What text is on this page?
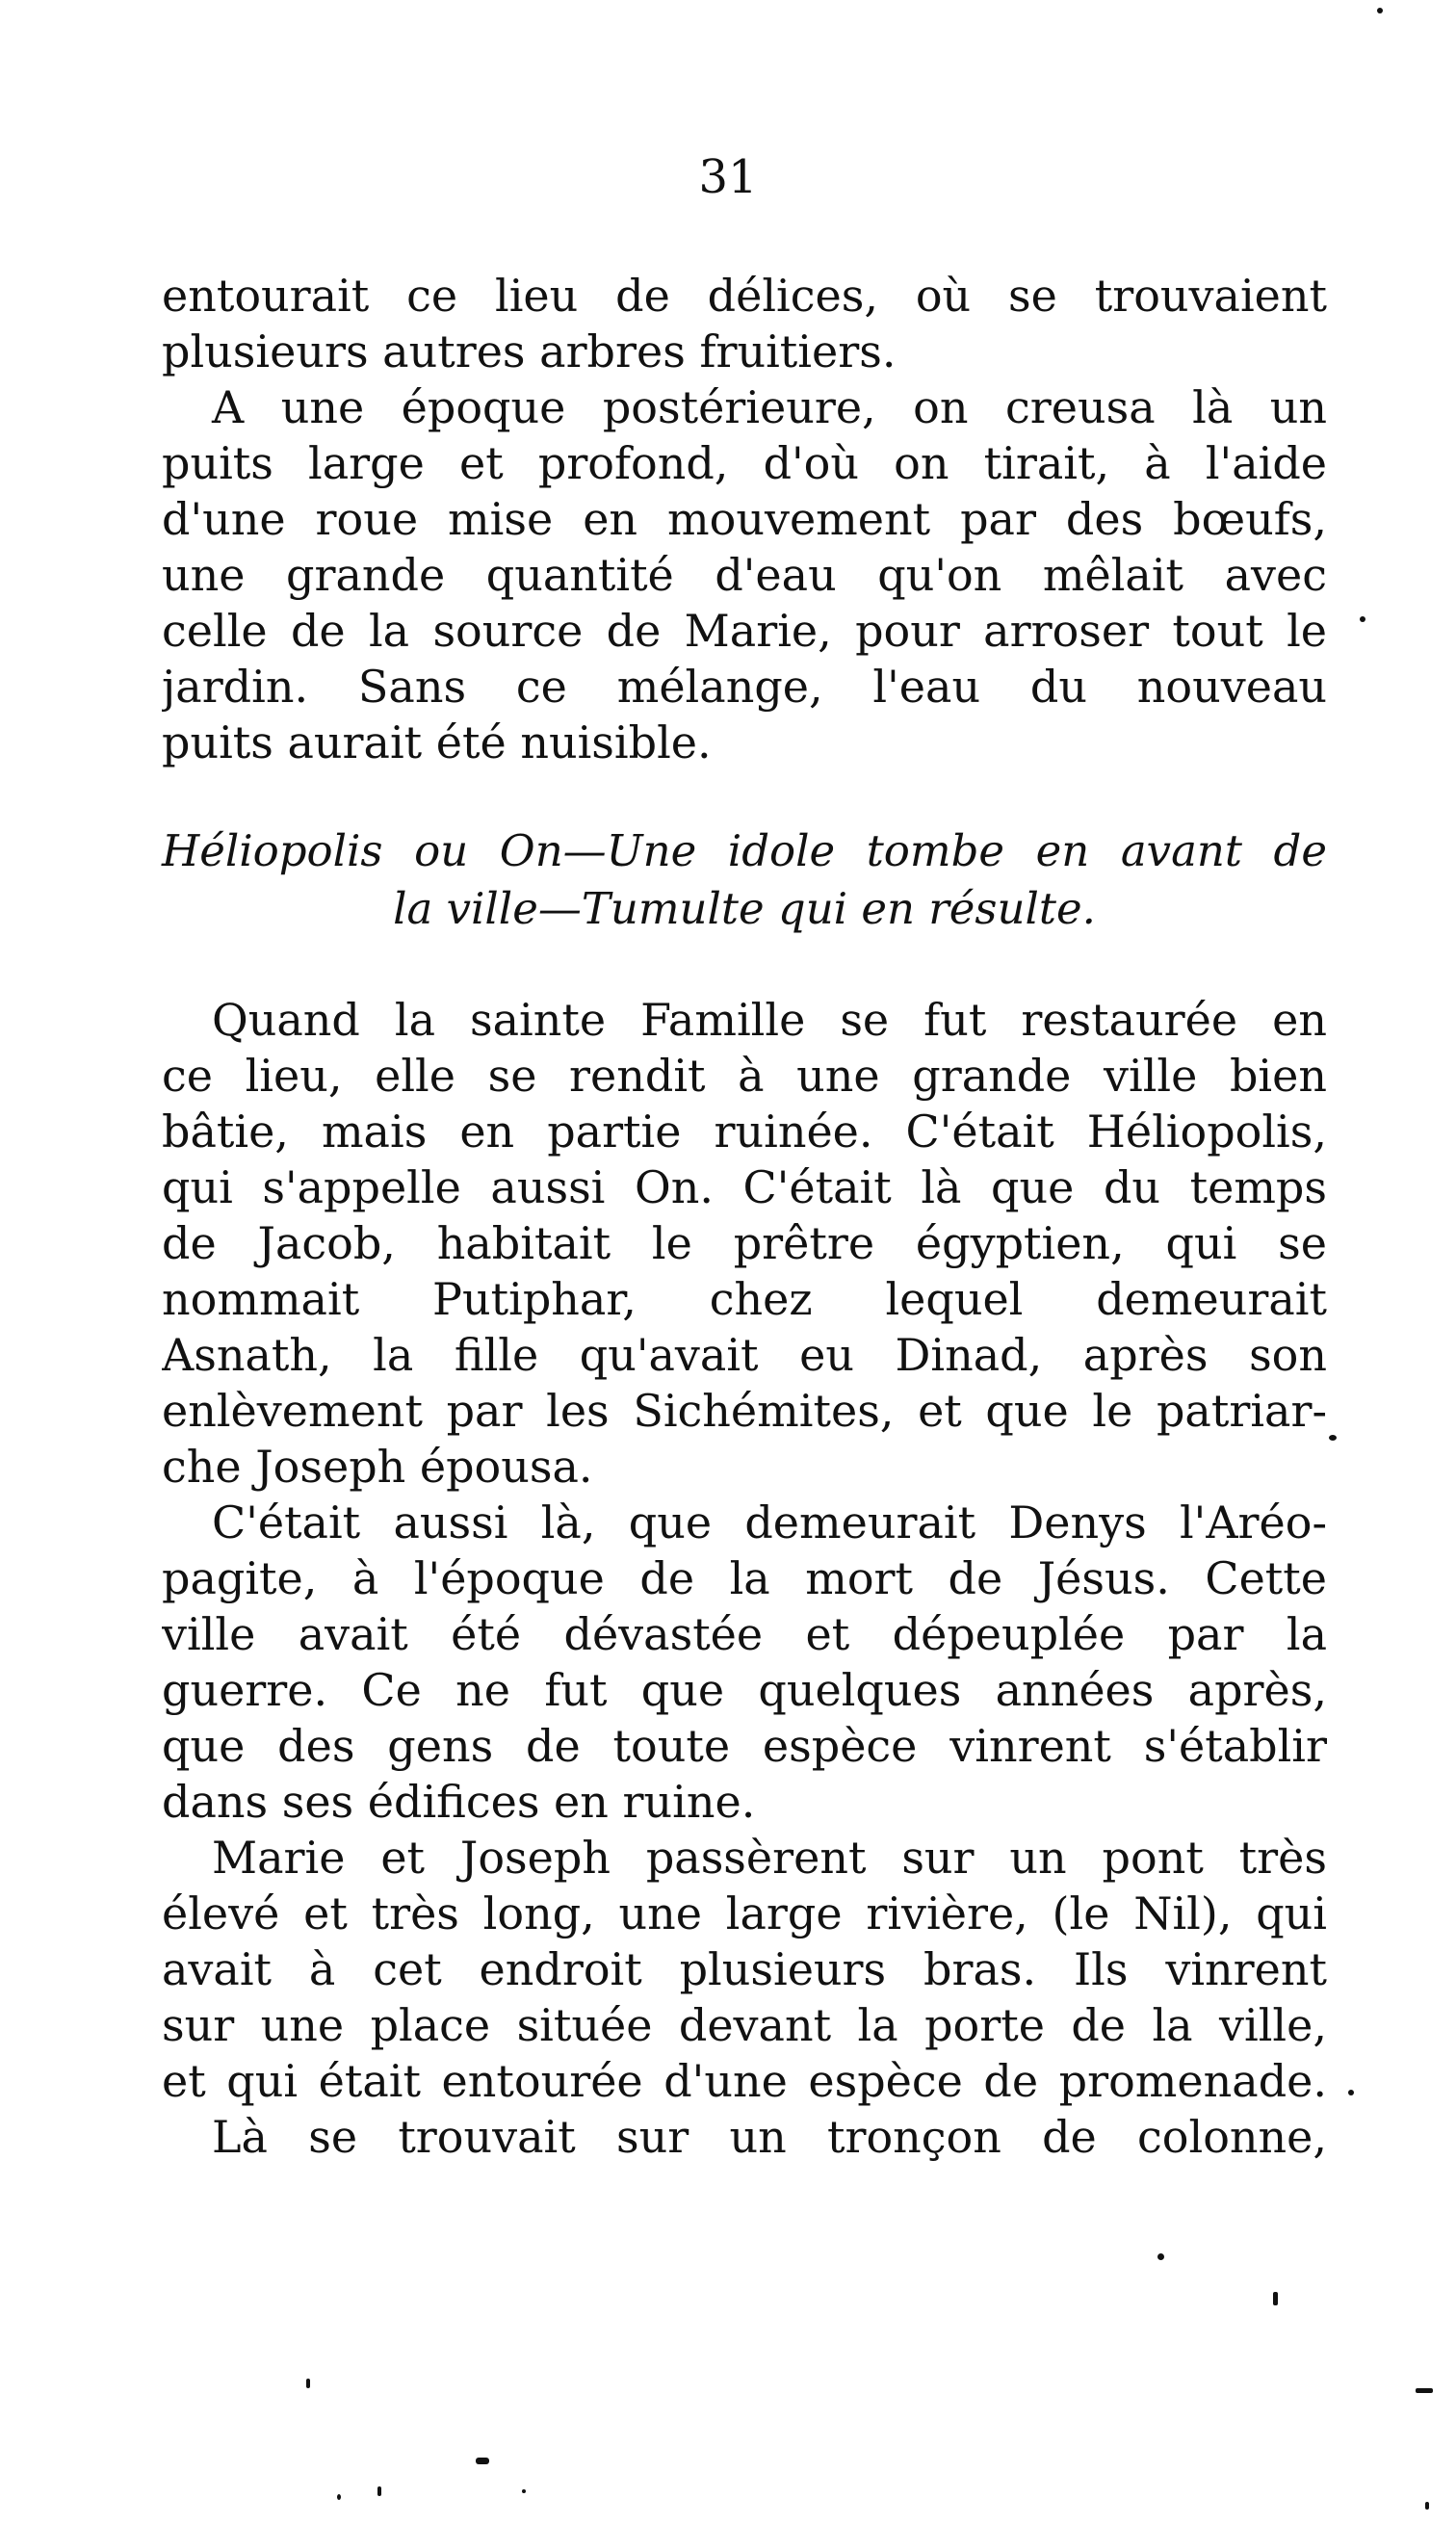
31
entourait ce lieu de délices, où se trouvaient
plusieurs autres arbres fruitiers.
A une époque postérieure, on creusa là un
puits large et profond, d'où on tirait, à l'aide
d'une roue mise en mouvement par des bœufs,
une grande quantité d'eau qu'on mêlait avec
celle de la source de Marie, pour arroser tout le
jardin. Sans ce mélange, l'eau du nouveau
puits aurait été nuisible.
Héliopolis ou On—Une idole tombe en avant de
la ville—Tumulte qui en résulte.
Quand la sainte Famille se fut restaurée en
ce lieu, elle se rendit à une grande ville bien
bâtie, mais en partie ruinée. C'était Héliopolis,
qui s'appelle aussi On. C'était là que du temps
de Jacob, habitait le prêtre égyptien, qui se
nommait Putiphar, chez lequel demeurait
Asnath, la fille qu'avait eu Dinad, après son
enlèvement par les Sichémites, et que le patriar-
che Joseph épousa.
C'était aussi là, que demeurait Denys l'Aréo-
pagite, à l'époque de la mort de Jésus. Cette
ville avait été dévastée et dépeuplée par la
guerre. Ce ne fut que quelques années après,
que des gens de toute espèce vinrent s'établir
dans ses édifices en ruine.
Marie et Joseph passèrent sur un pont très
élevé et très long, une large rivière, (le Nil), qui
avait à cet endroit plusieurs bras. Ils vinrent
sur une place située devant la porte de la ville,
et qui était entourée d'une espèce de promenade.
Là se trouvait sur un tronçon de colonne,
